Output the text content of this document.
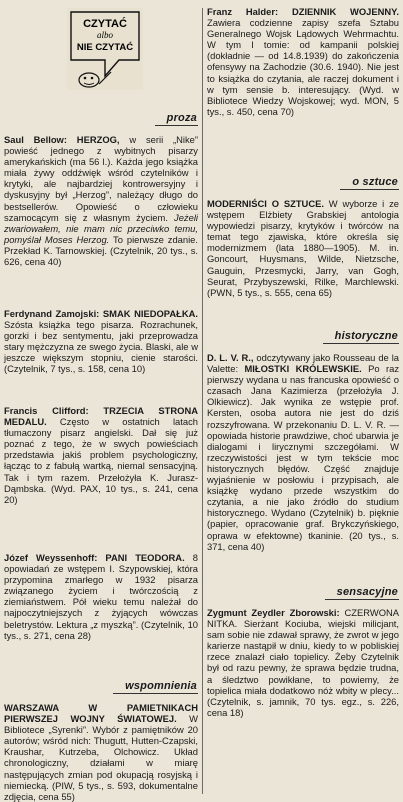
CZYTAĆ
albo
NIE CZYTAĆ
proza
Saul Bellow: HERZOG, w serii „Nike” powieść jednego z wybitnych pisarzy amerykańskich (ma 56 l.). Każda jego książka miała żywy oddźwięk wśród czytelników i krytyki, ale najbardziej kontrowersyjny i dyskusyjny był „Herzog”, należący długo do bestsellerów. Opowieść o człowieku szamocącym się z własnym życiem. Jeżeli zwariowałem, nie mam nic przeciwko temu, pomyślał Moses Herzog. To pierwsze zdanie. Przekład K. Tarnowskiej. (Czytelnik, 20 tys., s. 626, cena 40)
Ferdynand Zamojski: SMAK NIEDOPAŁKA. Szósta książka tego pisarza. Rozrachunek, gorzki i bez sentymentu, jaki przeprowadza stary mężczyzna ze swego życia. Blaski, ale w jeszcze większym stopniu, cienie starości. (Czytelnik, 7 tys., s. 158, cena 10)
Francis Clifford: TRZECIA STRONA MEDALU. Często w ostatnich latach tłumaczony pisarz angielski. Dał się już poznać z tego, że w swych powieściach przedstawia jakiś problem psychologiczny, łącząc to z fabułą wartką, niemal sensacyjną. Tak i tym razem. Przełożyła K. Jurasz-Dąmbska. (Wyd. PAX, 10 tys., s. 241, cena 20)
Józef Weyssenhoff: PANI TEODORA. 8 opowiadań ze wstępem I. Szypowskiej, która przypomina zmarłego w 1932 pisarza związanego życiem i twórczością z ziemiaństwem. Pół wieku temu należał do najpoczytniejszych z żyjących wówczas beletrystów. Lektura „z myszką”. (Czytelnik, 10 tys., s. 271, cena 28)
wspomnienia
WARSZAWA W PAMIETNIKACH PIERWSZEJ WOJNY ŚWIATOWEJ. W Bibliotece „Syrenki”. Wybór z pamiętników 20 autorów; wśród nich: Thugutt, Hutten-Czapski, Kraushar, Kutrzeba, Olchowicz. Układ chronologiczny, działami w miarę następujących zmian pod okupacją rosyjską i niemiecką. (PIW, 5 tys., s. 593, dokumentalne zdjęcia, cena 55)
Franz Halder: DZIENNIK WOJENNY. Zawiera codzienne zapisy szefa Sztabu Generalnego Wojsk Lądowych Wehrmachtu. W tym I tomie: od kampanii polskiej (dokładnie — od 14.8.1939) do zakończenia ofensywy na Zachodzie (30.6. 1940). Nie jest to książka do czytania, ale raczej dokument i w tym sensie b. interesujący. (Wyd. w Bibliotece Wiedzy Wojskowej; wyd. MON, 5 tys., s. 450, cena 70)
o sztuce
MODERNIŚCI O SZTUCE. W wyborze i ze wstępem Elżbiety Grabskiej antologia wypowiedzi pisarzy, krytyków i twórców na temat tego zjawiska, które określa się modernizmem (lata 1880—1905). M. in. Goncourt, Huysmans, Wilde, Nietzsche, Gauguin, Przesmycki, Jarry, van Gogh, Seurat, Przybyszewski, Rilke, Marchlewski. (PWN, 5 tys., s. 555, cena 65)
historyczne
D. L. V. R., odczytywany jako Rousseau de la Valette: MIŁOSTKI KRÓLEWSKIE. Po raz pierwszy wydana u nas francuska opowieść o czasach Jana Kazimierza (przełożyła J. Olkiewicz). Jak wynika ze wstępie prof. Kersten, osoba autora nie jest do dziś rozszyfrowana. W przekonaniu D. L. V. R. — opowiada historie prawdziwe, choć ubarwia je dialogami i lirycznymi szczegółami. W rzeczywistości jest w tym tekście moc historycznych błędów. Część znajduje wyjaśnienie w posłowiu i przypisach, ale książkę wydano przede wszystkim do czytania, a nie jako źródło do studium historycznego. Wydano (Czytelnik) b. pięknie (papier, opracowanie graf. Brykczyńskiego, oprawa w efektowne) tkaninie. (20 tys., s. 371, cena 40)
sensacyjne
Zygmunt Zeydler Zborowski: CZERWONA NITKA. Sierżant Kociuba, wiejski milicjant, sam sobie nie zdawał sprawy, że zwrot w jego karierze nastąpił w dniu, kiedy to w pobliskiej rzece znalazł ciało topielicy. Żeby Czytelnik był od razu pewny, że sprawa będzie trudna, a śledztwo powikłane, to powiemy, że topielica miała dodatkowo nóż wbity w plecy... (Czytelnik, s. jamnik, 70 tys. egz., s. 226, cena 18)
